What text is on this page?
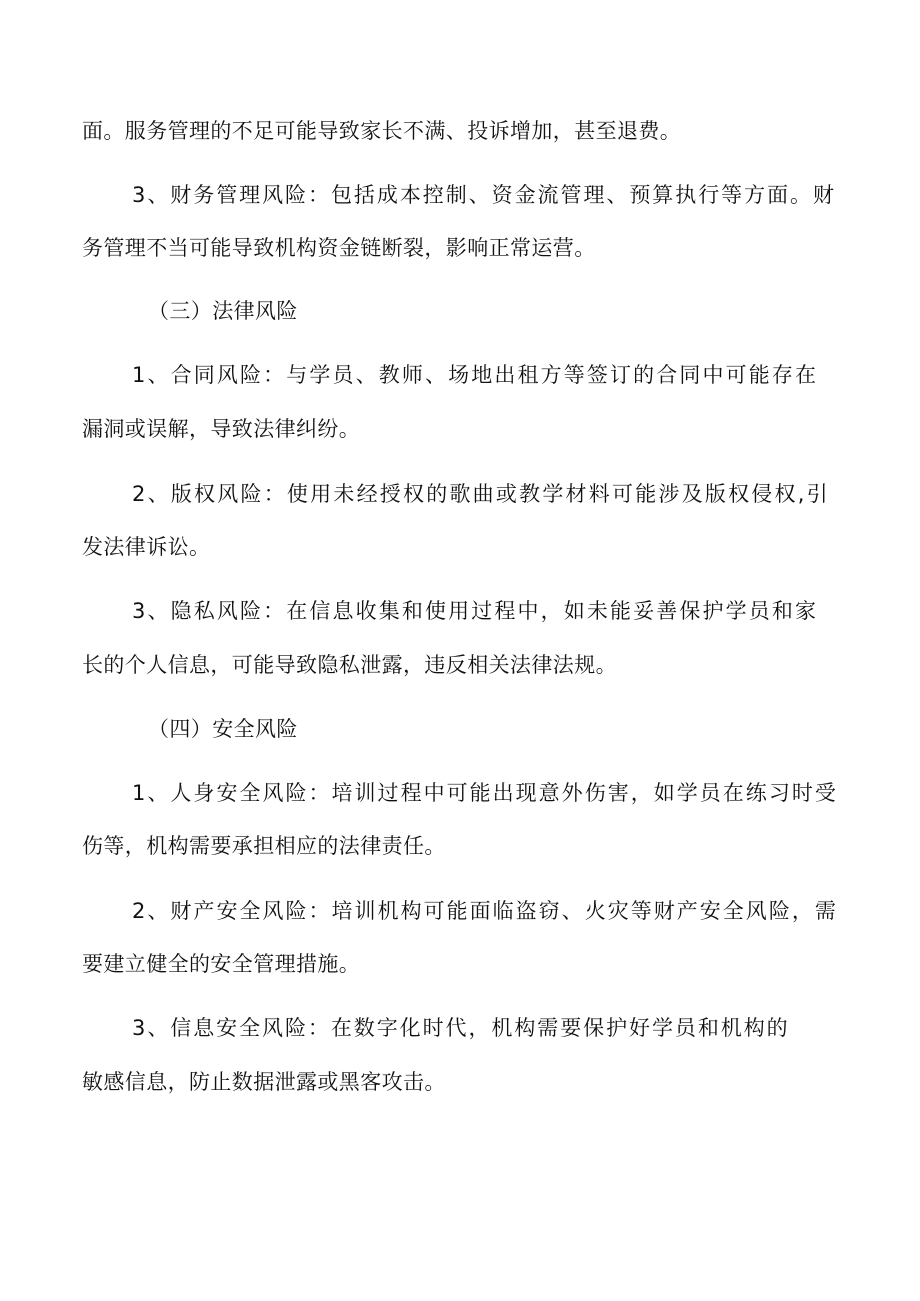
面。服务管理的不足可能导致家长不满、投诉增加，甚至退费。

3 、 财 务 管 理 风 险 ： 包 括 成 本 控 制 、 资 金 流 管 理 、 预 算 执 行 等 方 面 。 财

务管理不当可能导致机构资金链断裂，影响正常运营。

（三）法律风险

1 、 合 同 风 险 ： 与 学 员 、 教 师 、 场 地 出 租 方 等 签 订 的 合 同 中 可 能 存 在

漏洞或误解，导致法律纠纷。

2 、 版 权 风 险 ： 使 用 未 经 授 权 的 歌 曲 或 教 学 材 料 可 能 涉 及 版 权 侵 权 , 引

发法律诉讼。

3 、 隐 私 风 险 ： 在 信 息 收 集 和 使 用 过 程 中 ， 如 未 能 妥 善 保 护 学 员 和 家

长的个人信息，可能导致隐私泄露，违反相关法律法规。

（四）安全风险

1 、 人 身 安 全 风 险 ： 培 训 过 程 中 可 能 出 现 意 外 伤 害 ， 如 学 员 在 练 习 时 受

伤等，机构需要承担相应的法律责任。

2 、 财 产 安 全 风 险 ： 培 训 机 构 可 能 面 临 盗 窃 、 火 灾 等 财 产 安 全 风 险 ， 需

要建立健全的安全管理措施。

3 、 信 息 安 全 风 险 ： 在 数 字 化 时 代 ， 机 构 需 要 保 护 好 学 员 和 机 构 的

敏感信息，防止数据泄露或黑客攻击。
